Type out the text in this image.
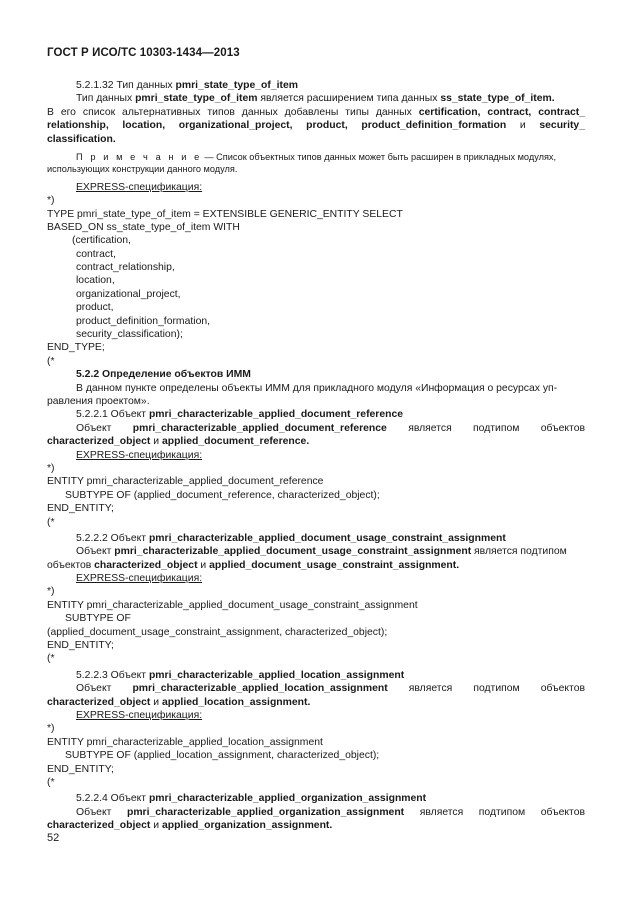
ГОСТ Р ИСО/ТС 10303-1434—2013
5.2.1.32 Тип данных pmri_state_type_of_item
Тип данных pmri_state_type_of_item является расширением типа данных ss_state_type_of_item.
В его список альтернативных типов данных добавлены типы данных certification, contract, contract_
relationship, location, organizational_project, product, product_definition_formation и security_
classification.
П р и м е ч а н и е — Список объектных типов данных может быть расширен в прикладных модулях,
использующих конструкции данного модуля.
EXPRESS-спецификация:
*)
TYPE pmri_state_type_of_item = EXTENSIBLE GENERIC_ENTITY SELECT
BASED_ON ss_state_type_of_item WITH
(certification,
contract,
contract_relationship,
location,
organizational_project,
product,
product_definition_formation,
security_classification);
END_TYPE;
(*
5.2.2 Определение объектов ИММ
В данном пункте определены объекты ИММ для прикладного модуля «Информация о ресурсах уп-
равления проектом».
5.2.2.1 Объект pmri_characterizable_applied_document_reference
Объект pmri_characterizable_applied_document_reference является подтипом объектов
characterized_object и applied_document_reference.
EXPRESS-спецификация:
*)
ENTITY pmri_characterizable_applied_document_reference
SUBTYPE OF (applied_document_reference, characterized_object);
END_ENTITY;
(*
5.2.2.2 Объект pmri_characterizable_applied_document_usage_constraint_assignment
Объект pmri_characterizable_applied_document_usage_constraint_assignment является подтипом
объектов characterized_object и applied_document_usage_constraint_assignment.
EXPRESS-спецификация:
*)
ENTITY pmri_characterizable_applied_document_usage_constraint_assignment
SUBTYPE OF
(applied_document_usage_constraint_assignment, characterized_object);
END_ENTITY;
(*
5.2.2.3 Объект pmri_characterizable_applied_location_assignment
Объект pmri_characterizable_applied_location_assignment является подтипом объектов
characterized_object и applied_location_assignment.
EXPRESS-спецификация:
*)
ENTITY pmri_characterizable_applied_location_assignment
SUBTYPE OF (applied_location_assignment, characterized_object);
END_ENTITY;
(*
5.2.2.4 Объект pmri_characterizable_applied_organization_assignment
Объект pmri_characterizable_applied_organization_assignment является подтипом объектов
characterized_object и applied_organization_assignment.
52
